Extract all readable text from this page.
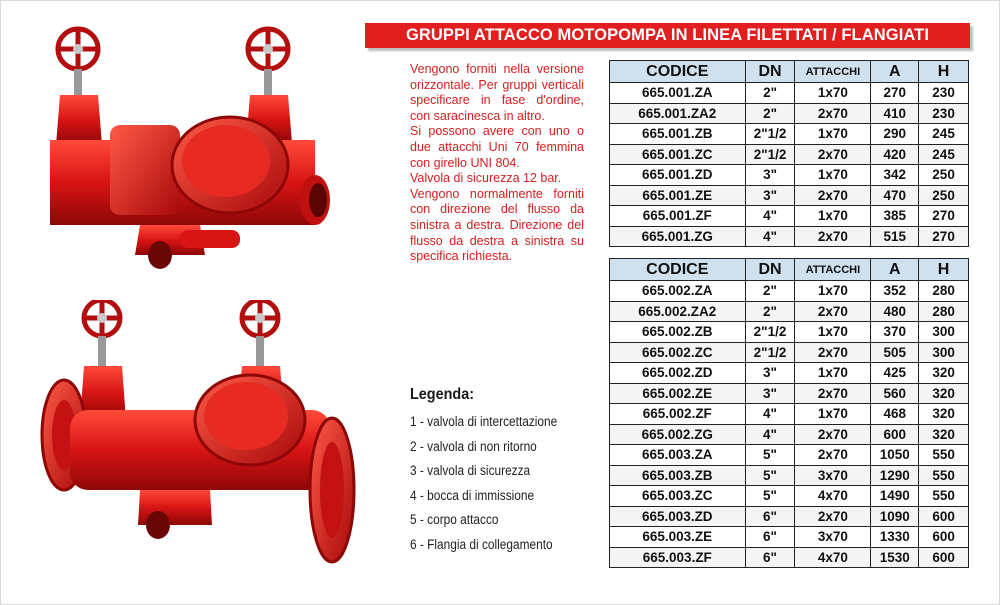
GRUPPI ATTACCO MOTOPOMPA IN LINEA FILETTATI / FLANGIATI

Vengono forniti nella versione orizzontale. Per gruppi verticali specificare in fase d'ordine, con saracinesca in altro.

Si possono avere con uno o due attacchi Uni 70 femmina con girello UNI 804.

Valvola di sicurezza 12 bar.

Vengono normalmente forniti con direzione del flusso da sinistra a destra. Direzione del flusso da destra a sinistra su specifica richiesta.

Legenda:
1 - valvola di intercettazione
2 - valvola di non ritorno
3 - valvola di sicurezza
4 - bocca di immissione
5 - corpo attacco
6 - Flangia di collegamento
CODICE	DN	ATTACCHI	A	H
665.001.ZA	2"	1x70	270	230
665.001.ZA2	2"	2x70	410	230
665.001.ZB	2"1/2	1x70	290	245
665.001.ZC	2"1/2	2x70	420	245
665.001.ZD	3"	1x70	342	250
665.001.ZE	3"	2x70	470	250
665.001.ZF	4"	1x70	385	270
665.001.ZG	4"	2x70	515	270
CODICE	DN	ATTACCHI	A	H
665.002.ZA	2"	1x70	352	280
665.002.ZA2	2"	2x70	480	280
665.002.ZB	2"1/2	1x70	370	300
665.002.ZC	2"1/2	2x70	505	300
665.002.ZD	3"	1x70	425	320
665.002.ZE	3"	2x70	560	320
665.002.ZF	4"	1x70	468	320
665.002.ZG	4"	2x70	600	320
665.003.ZA	5"	2x70	1050	550
665.003.ZB	5"	3x70	1290	550
665.003.ZC	5"	4x70	1490	550
665.003.ZD	6"	2x70	1090	600
665.003.ZE	6"	3x70	1330	600
665.003.ZF	6"	4x70	1530	600
